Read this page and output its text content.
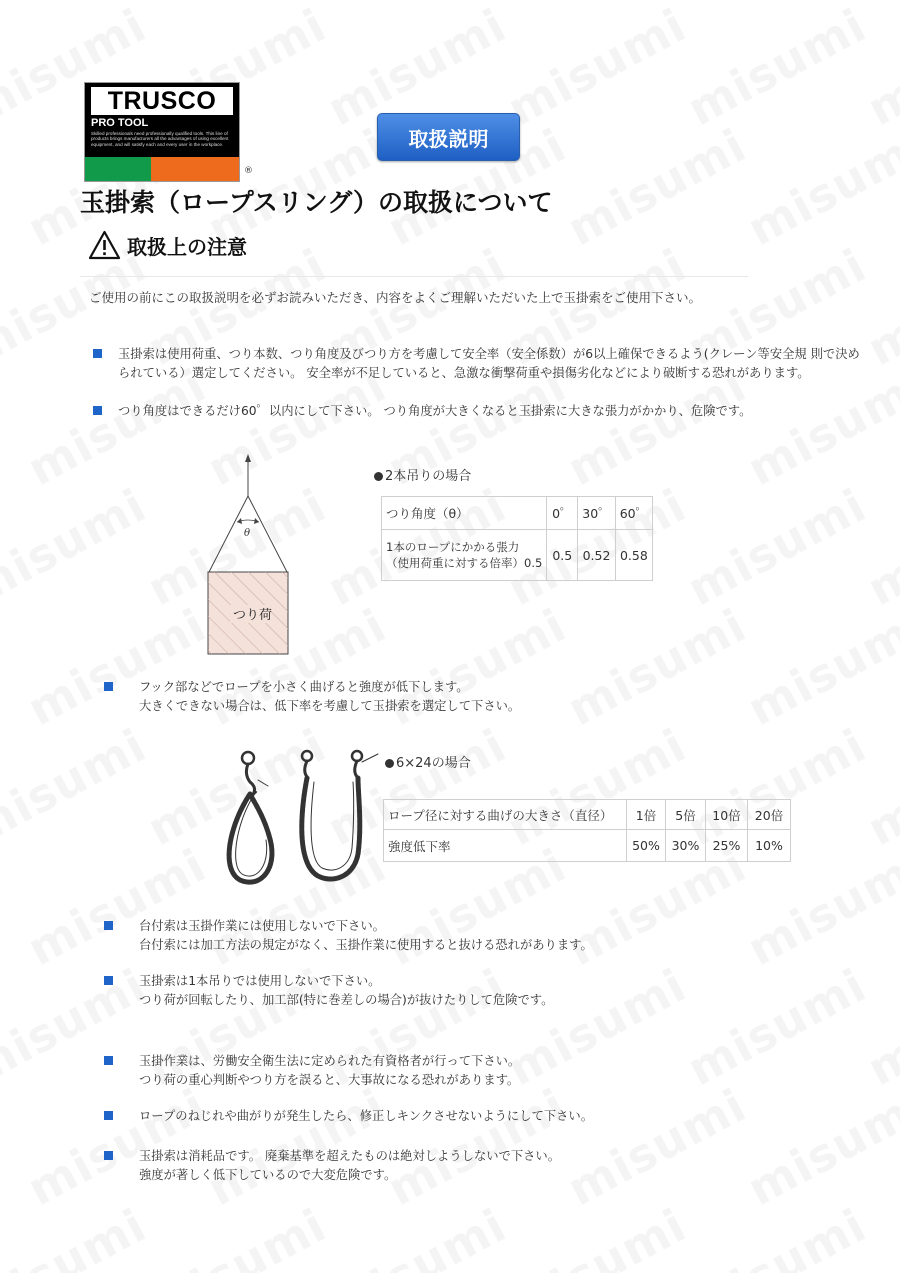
TRUSCO
PRO TOOL
Skilled professionals need professionally qualified tools. This line of products brings manufacturers all the advantages of using excellent equipment, and will satisfy each and every user in the workplace.
®
取扱説明
玉掛索（ロープスリング）の取扱について
取扱上の注意
ご使用の前にこの取扱説明を必ずお読みいただき、内容をよくご理解いただいた上で玉掛索をご使用下さい。
玉掛索は使用荷重、つり本数、つり角度及びつり方を考慮して安全率（安全係数）が6以上確保できるよう(クレーン等安全規 則で決め
られている）選定してください。 安全率が不足していると、急激な衝撃荷重や損傷劣化などにより破断する恐れがあります。
つり角度はできるだけ60゜以内にして下さい。 つり角度が大きくなると玉掛索に大きな張力がかかり、危険です。
θ
つり荷
2本吊りの場合
つり角度（θ）	0゜	30゜	60゜

1本のロープにかかる張力
（使用荷重に対する倍率）0.5	0.5	0.52	0.58
フック部などでロープを小さく曲げると強度が低下します。
大きくできない場合は、低下率を考慮して玉掛索を選定して下さい。
6×24の場合
ロープ径に対する曲げの大きさ（直径）	1倍	5倍	10倍	20倍
強度低下率	50%	30%	25%	10%
台付索は玉掛作業には使用しないで下さい。
台付索には加工方法の規定がなく、玉掛作業に使用すると抜ける恐れがあります。
玉掛索は1本吊りでは使用しないで下さい。
つり荷が回転したり、加工部(特に巻差しの場合)が抜けたりして危険です。
玉掛作業は、労働安全衛生法に定められた有資格者が行って下さい。
つり荷の重心判断やつり方を誤ると、大事故になる恐れがあります。
ロープのねじれや曲がりが発生したら、修正しキンクさせないようにして下さい。
玉掛索は消耗品です。 廃棄基準を超えたものは絶対しようしないで下さい。
強度が著しく低下しているので大変危険です。
